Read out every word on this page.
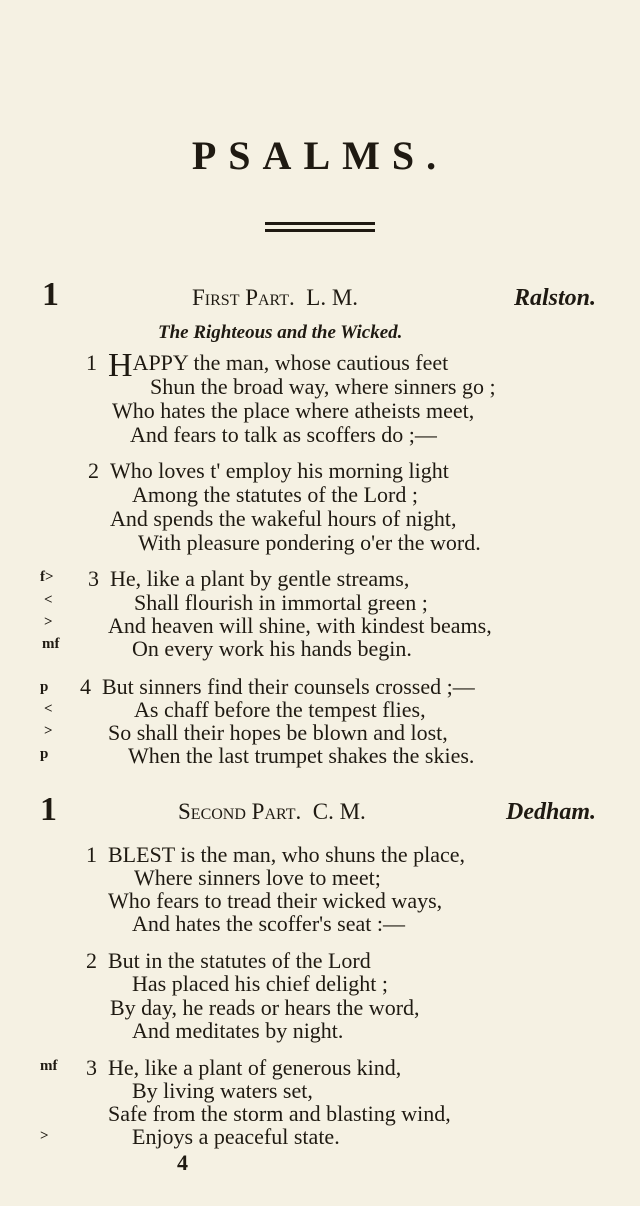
PSALMS.
1	First Part. L. M.	Ralston.
The Righteous and the Wicked.
1 HAPPY the man, whose cautious feet
Shun the broad way, where sinners go ;
Who hates the place where atheists meet,
And fears to talk as scoffers do ;—
2 Who loves t' employ his morning light
Among the statutes of the Lord ;
And spends the wakeful hours of night,
With pleasure pondering o'er the word.
f>
<
>
mf
3 He, like a plant by gentle streams,
Shall flourish in immortal green ;
And heaven will shine, with kindest beams,
On every work his hands begin.
p
<
>
p
4 But sinners find their counsels crossed ;—
As chaff before the tempest flies,
So shall their hopes be blown and lost,
When the last trumpet shakes the skies.
1	Second Part. C. M.	Dedham.
1 BLEST is the man, who shuns the place,
Where sinners love to meet;
Who fears to tread their wicked ways,
And hates the scoffer's seat :—
2 But in the statutes of the Lord
Has placed his chief delight ;
By day, he reads or hears the word,
And meditates by night.
mf
>
3 He, like a plant of generous kind,
By living waters set,
Safe from the storm and blasting wind,
Enjoys a peaceful state.
4
